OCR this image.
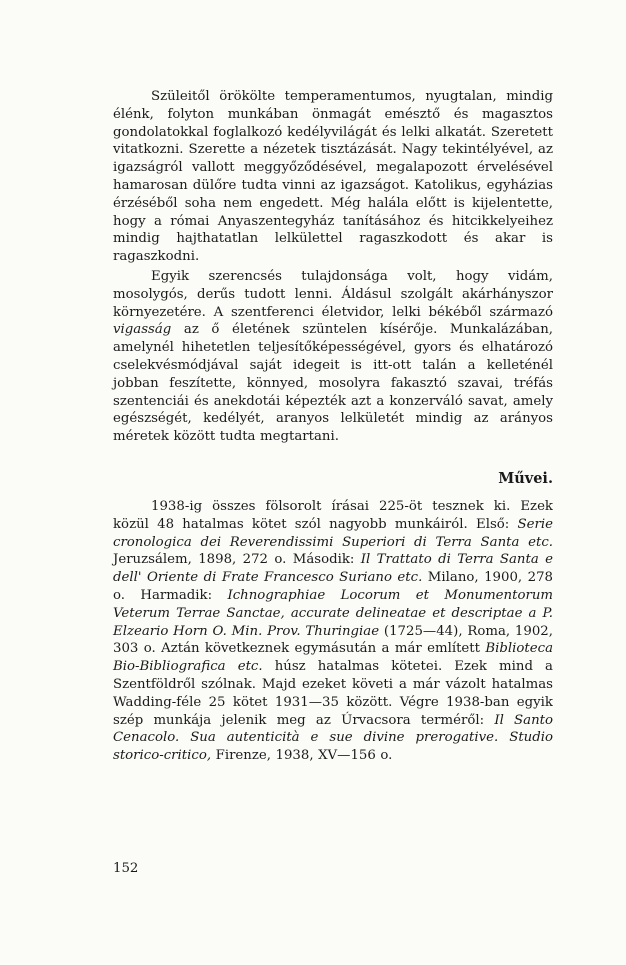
Szüleitől örökölte temperamentumos, nyugtalan, mindig élénk, folyton munkában önmagát emésztő és magasztos gondolatokkal foglalkozó kedélyvilágát és lelki alkatát. Szeretett vitatkozni. Szerette a nézetek tisztázását. Nagy tekintélyével, az igazságról vallott meggyőződésével, megalapozott érvelésével hamarosan dülőre tudta vinni az igazságot. Katolikus, egyházias érzéséből soha nem engedett. Még halála előtt is kijelentette, hogy a római Anyaszentegyház tanításához és hitcikkelyeihez mindig hajthatatlan lelkülettel ragaszkodott és akar is ragaszkodni.

Egyik szerencsés tulajdonsága volt, hogy vidám, mosolygós, derűs tudott lenni. Áldásul szolgált akárhányszor környezetére. A szentferenci életvidor, lelki békéből származó vigasság az ő életének szüntelen kísérője. Munkalázában, amelynél hihetetlen teljesítőképességével, gyors és elhatározó cselekvésmódjával saját idegeit is itt-ott talán a kelleténél jobban feszítette, könnyed, mosolyra fakasztó szavai, tréfás szentenciái és anekdotái képezték azt a konzerváló savat, amely egészségét, kedélyét, aranyos lelkületét mindig az arányos méretek között tudta megtartani.

Művei.

1938-ig összes fölsorolt írásai 225-öt tesznek ki. Ezek közül 48 hatalmas kötet szól nagyobb munkáiról. Első: Serie cronologica dei Reverendissimi Superiori di Terra Santa etc. Jeruzsálem, 1898, 272 o. Második: Il Trattato di Terra Santa e dell' Oriente di Frate Francesco Suriano etc. Milano, 1900, 278 o. Harmadik: Ichnographiae Locorum et Monumentorum Veterum Terrae Sanctae, accurate delineatae et descriptae a P. Elzeario Horn O. Min. Prov. Thuringiae (1725—44), Roma, 1902, 303 o. Aztán következnek egymásután a már említett Biblioteca Bio-Bibliografica etc. húsz hatalmas kötetei. Ezek mind a Szentföldről szólnak. Majd ezeket követi a már vázolt hatalmas Wadding-féle 25 kötet 1931—35 között. Végre 1938-ban egyik szép munkája jelenik meg az Úrvacsora terméről: Il Santo Cenacolo. Sua autenticità e sue divine prerogative. Studio storico-critico, Firenze, 1938, XV—156 o.

152
